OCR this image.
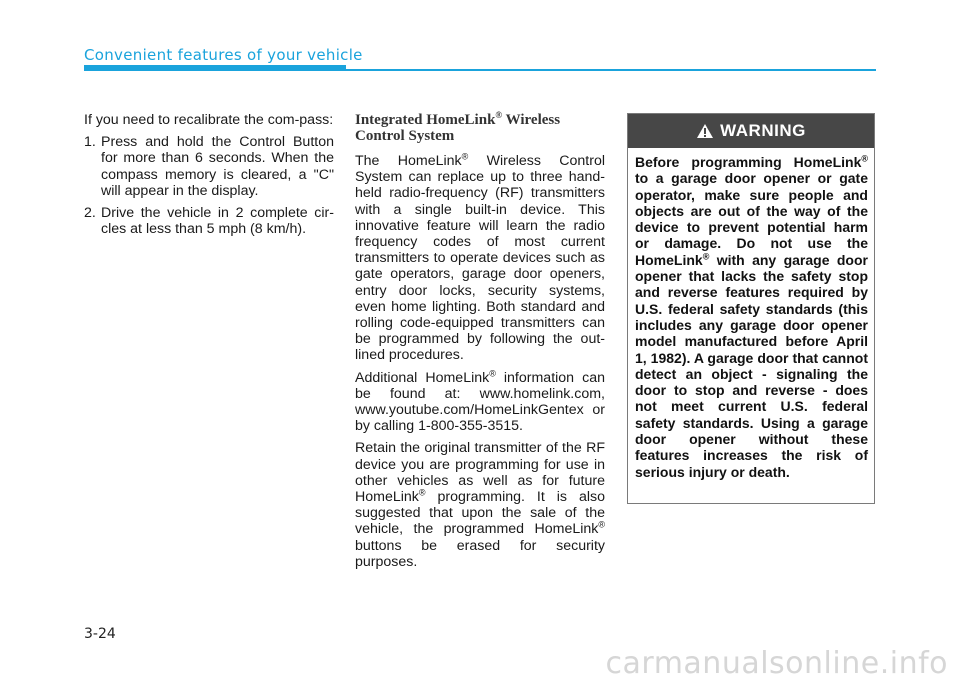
Convenient features of your vehicle

If you need to recalibrate the com-pass:

1. Press and hold the Control Button for more than 6 seconds. When the compass memory is cleared, a "C" will appear in the display.
2. Drive the vehicle in 2 complete cir-cles at less than 5 mph (8 km/h).
Integrated HomeLink® Wireless Control System

The HomeLink® Wireless Control System can replace up to three hand-held radio-frequency (RF) transmitters with a single built-in device. This innovative feature will learn the radio frequency codes of most current transmitters to operate devices such as gate operators, garage door openers, entry door locks, security systems, even home lighting. Both standard and rolling code-equipped transmitters can be programmed by following the out-lined procedures.

Additional HomeLink® information can be found at: www.homelink.com, www.youtube.com/HomeLinkGentex or by calling 1-800-355-3515.

Retain the original transmitter of the RF device you are programming for use in other vehicles as well as for future HomeLink® programming. It is also suggested that upon the sale of the vehicle, the programmed HomeLink® buttons be erased for security purposes.

WARNING
Before programming HomeLink® to a garage door opener or gate operator, make sure people and objects are out of the way of the device to prevent potential harm or damage. Do not use the HomeLink® with any garage door opener that lacks the safety stop and reverse features required by U.S. federal safety standards (this includes any garage door opener model manufactured before April 1, 1982). A garage door that cannot detect an object - signaling the door to stop and reverse - does not meet current U.S. federal safety standards. Using a garage door opener without these features increases the risk of serious injury or death.
3-24
carmanualsonline.info
